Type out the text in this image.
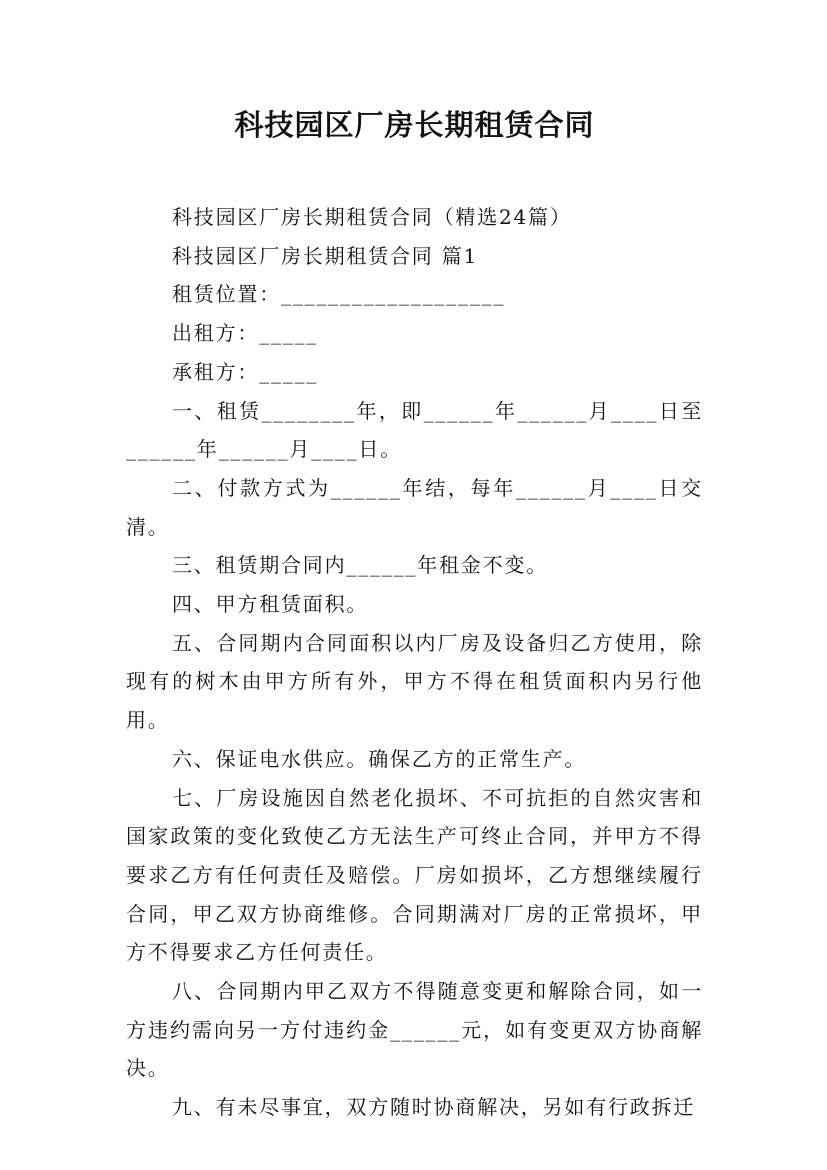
科技园区厂房长期租赁合同

科技园区厂房长期租赁合同（精选24篇）

科技园区厂房长期租赁合同 篇1

租赁位置：___________________

出租方：_____

承租方：_____

一、租赁________年，即______年______月____日至______年______月____日。

二、付款方式为______年结，每年______月____日交清。

三、租赁期合同内______年租金不变。

四、甲方租赁面积。

五、合同期内合同面积以内厂房及设备归乙方使用，除现有的树木由甲方所有外，甲方不得在租赁面积内另行他用。

六、保证电水供应。确保乙方的正常生产。

七、厂房设施因自然老化损坏、不可抗拒的自然灾害和国家政策的变化致使乙方无法生产可终止合同，并甲方不得要求乙方有任何责任及赔偿。厂房如损坏，乙方想继续履行合同，甲乙双方协商维修。合同期满对厂房的正常损坏，甲方不得要求乙方任何责任。

八、合同期内甲乙双方不得随意变更和解除合同，如一方违约需向另一方付违约金______元，如有变更双方协商解决。

九、有未尽事宜，双方随时协商解决，另如有行政拆迁
